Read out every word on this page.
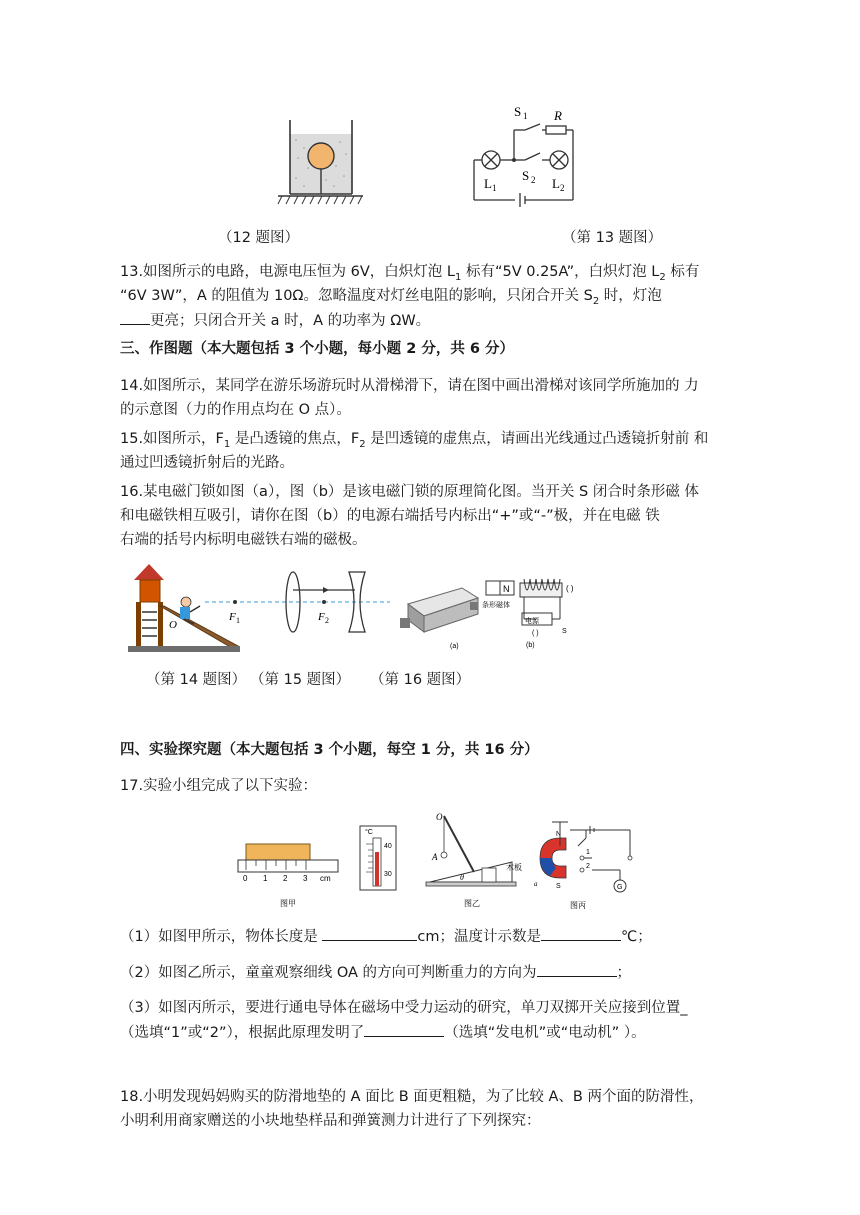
S 1 R
S 2
L 1	L 2
（12 题图）	（第 13 题图）
13.如图所示的电路，电源电压恒为 6V，白炽灯泡 $L_1$ 标有“5V 0.25A”，白炽灯泡 $L_2$ 标有
“6V 3W”，A 的阻值为 10Ω。忽略温度对灯丝电阻的影响，只闭合开关 $S_2$ 时，灯泡
更亮；只闭合开关 a 时，A 的功率为 ΩW。
三、作图题（本大题包括 3 个小题，每小题 2 分，共 6 分）
14.如图所示，某同学在游乐场游玩时从滑梯滑下，请在图中画出滑梯对该同学所施加的 力
的示意图（力的作用点均在 O 点）。
15.如图所示，$F_1$ 是凸透镜的焦点，$F_2$ 是凹透镜的虚焦点，请画出光线通过凸透镜折射前 和
通过凹透镜折射后的光路。
16.某电磁门锁如图（a），图（b）是该电磁门锁的原理简化图。当开关 S 闭合时条形磁 体
和电磁铁相互吸引，请你在图（b）的电源右端括号内标出“+”或“-”极，并在电磁 铁
右端的括号内标明电磁铁右端的磁极。
O
F 1	F 2
(a)
N
条形磁体
电源
( )
( )	S
(b)
（第 14 题图） （第 15 题图） （第 16 题图）
四、实验探究题（本大题包括 3 个小题，每空 1 分，共 16 分）
17.实验小组完成了以下实验：
0 1 2 3 cm
°C
40
30
图甲
O
A
θ
木板
图乙
N
S
a
1
2
G
图丙
（1）如图甲所示，物体长度是	cm；温度计示数是	℃；
（2）如图乙所示，童童观察细线 OA 的方向可判断重力的方向为	；
（3）如图丙所示，要进行通电导体在磁场中受力运动的研究，单刀双掷开关应接到位置_
（选填“1”或“2”），根据此原理发明了	（选填“发电机”或“电动机” ）。
18.小明发现妈妈购买的防滑地垫的 A 面比 B 面更粗糙，为了比较 A、B 两个面的防滑性，
小明利用商家赠送的小块地垫样品和弹簧测力计进行了下列探究：
